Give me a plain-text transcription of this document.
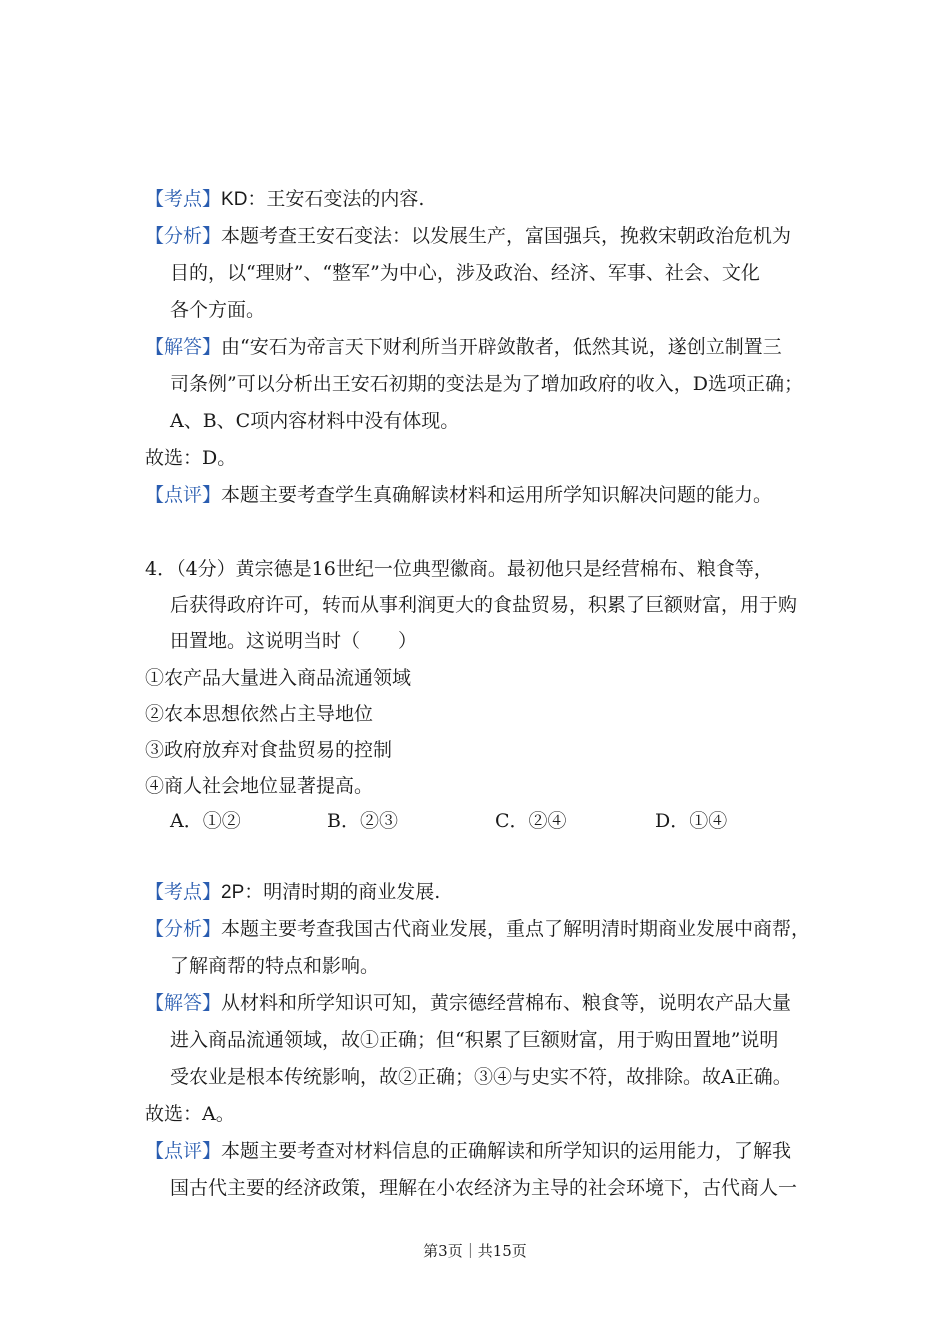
【考点】KD：王安石变法的内容.
【分析】本题考查王安石变法：以发展生产，富国强兵，挽救宋朝政治危机为
目的，以“理财”、“整军”为中心，涉及政治、经济、军事、社会、文化
各个方面。
【解答】由“安石为帝言天下财利所当开辟敛散者，低然其说，遂创立制置三
司条例”可以分析出王安石初期的变法是为了增加政府的收入，D选项正确；
A、B、C项内容材料中没有体现。
故选：D。
【点评】本题主要考查学生真确解读材料和运用所学知识解决问题的能力。
4．（4分）黄宗德是16世纪一位典型徽商。最初他只是经营棉布、粮食等，
后获得政府许可，转而从事利润更大的食盐贸易，积累了巨额财富，用于购
田置地。这说明当时（　　）
①农产品大量进入商品流通领域
②农本思想依然占主导地位
③政府放弃对食盐贸易的控制
④商人社会地位显著提高。
A．①②	B．②③	C．②④	D．①④
【考点】2P：明清时期的商业发展.
【分析】本题主要考查我国古代商业发展，重点了解明清时期商业发展中商帮，
了解商帮的特点和影响。
【解答】从材料和所学知识可知，黄宗德经营棉布、粮食等，说明农产品大量
进入商品流通领域，故①正确；但“积累了巨额财富，用于购田置地”说明
受农业是根本传统影响，故②正确；③④与史实不符，故排除。故A正确。
故选：A。
【点评】本题主要考查对材料信息的正确解读和所学知识的运用能力，了解我
国古代主要的经济政策，理解在小农经济为主导的社会环境下，古代商人一
第3页｜共15页
